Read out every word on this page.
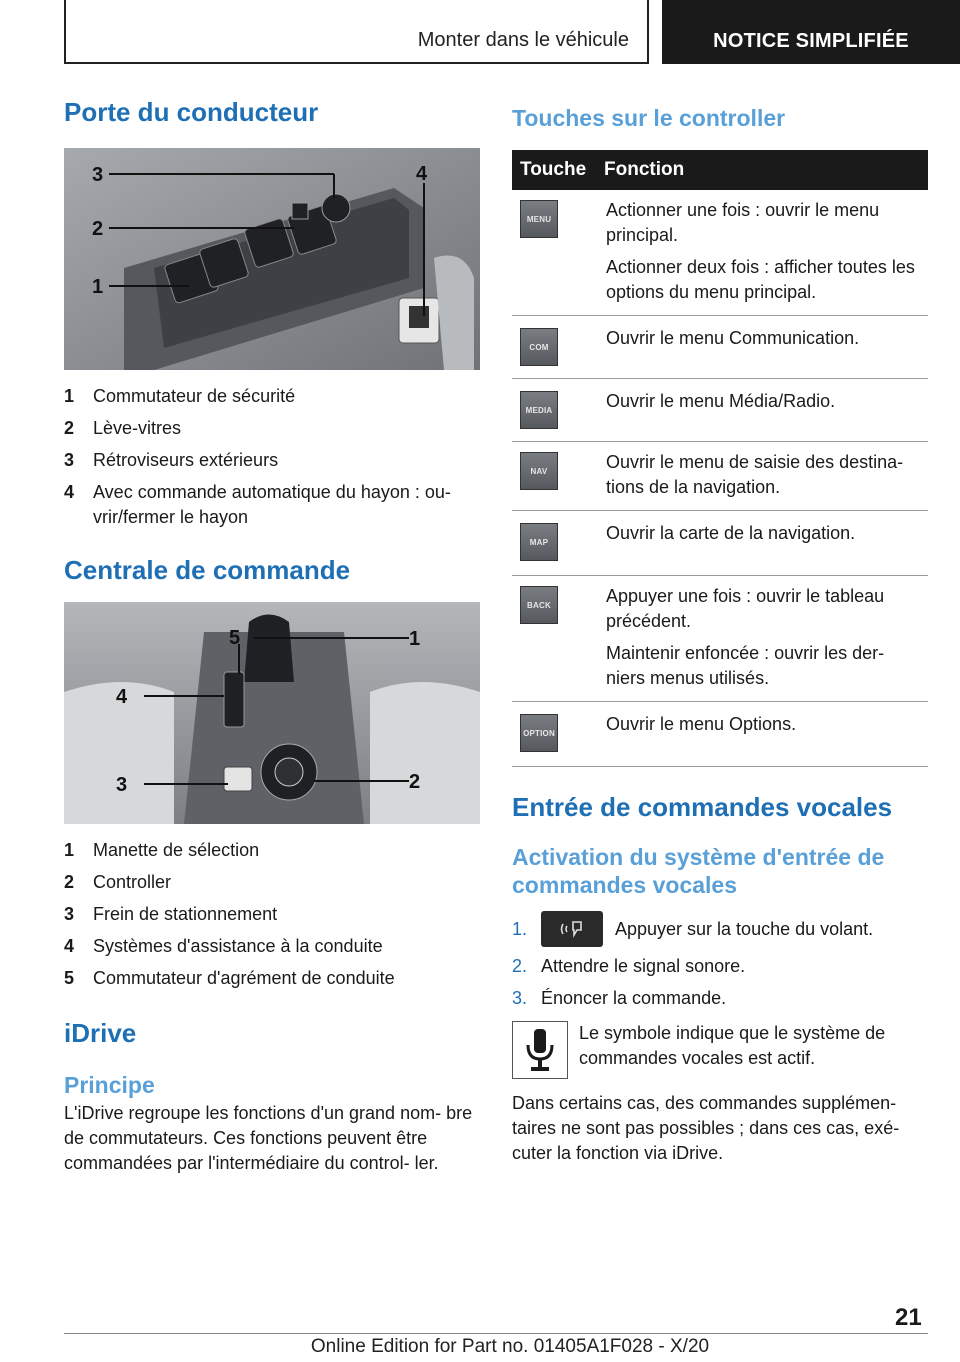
Monter dans le véhicule	NOTICE SIMPLIFIÉE
Porte du conducteur
3
2
1
4
1	Commutateur de sécurité
2	Lève-vitres
3	Rétroviseurs extérieurs
4	Avec commande automatique du hayon : ou- vrir/fermer le hayon
Centrale de commande
1
2
3
4
5
1	Manette de sélection
2	Controller
3	Frein de stationnement
4	Systèmes d'assistance à la conduite
5	Commutateur d'agrément de conduite
iDrive
Principe
L'iDrive regroupe les fonctions d'un grand nom- bre de commutateurs. Ces fonctions peuvent être commandées par l'intermédiaire du control- ler.
Touches sur le controller
Touche Fonction
MENU	Actionner une fois : ouvrir le menu principal.

Actionner deux fois : afficher toutes les options du menu principal.

COM	Ouvrir le menu Communication.

MEDIA	Ouvrir le menu Média/Radio.

NAV	Ouvrir le menu de saisie des destina- tions de la navigation.

MAP	Ouvrir la carte de la navigation.

BACK	Appuyer une fois : ouvrir le tableau précédent.

Maintenir enfoncée : ouvrir les der- niers menus utilisés.

OPTION	Ouvrir le menu Options.

Entrée de commandes vocales
Activation du système d'entrée de commandes vocales
1.	Appuyer sur la touche du volant.
2. Attendre le signal sonore.
3. Énoncer la commande.
Le symbole indique que le système de commandes vocales est actif.
Dans certains cas, des commandes supplémen- taires ne sont pas possibles ; dans ces cas, exé- cuter la fonction via iDrive.
21
Online Edition for Part no. 01405A1F028 - X/20
